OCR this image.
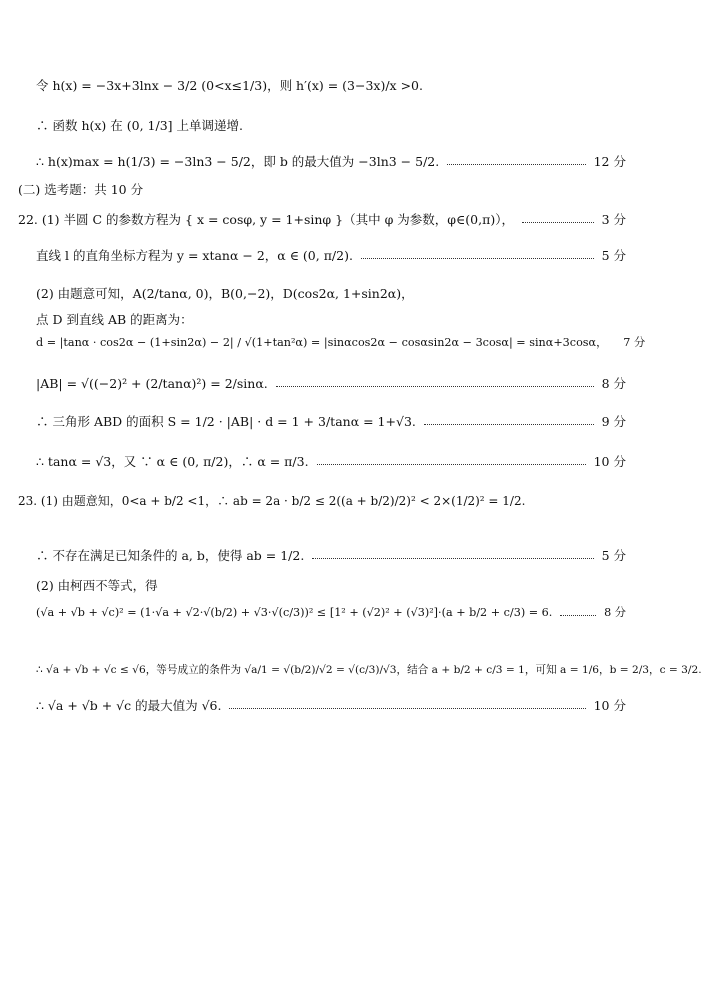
令 h(x) = −3x+3lnx − 3/2 (0<x≤1/3)，则 h′(x) = (3−3x)/x >0.
∴ 函数 h(x) 在 (0, 1/3] 上单调递增.
∴ h(x)max = h(1/3) = −3ln3 − 5/2，即 b 的最大值为 −3ln3 − 5/2.	12 分
(二) 选考题：共 10 分
22. (1) 半圆 C 的参数方程为 { x = cosφ, y = 1+sinφ }（其中 φ 为参数，φ∈(0,π)），	3 分
直线 l 的直角坐标方程为 y = xtanα − 2，α ∈ (0, π/2).	5 分
(2) 由题意可知，A(2/tanα, 0)，B(0,−2)，D(cos2α, 1+sin2α)，
点 D 到直线 AB 的距离为：
d = |tanα · cos2α − (1+sin2α) − 2| / √(1+tan²α) = |sinαcos2α − cosαsin2α − 3cosα| = sinα+3cosα， 7 分
|AB| = √((−2)² + (2/tanα)²) = 2/sinα.	8 分
∴ 三角形 ABD 的面积 S = 1/2 · |AB| · d = 1 + 3/tanα = 1+√3.	9 分
∴ tanα = √3，又 ∵ α ∈ (0, π/2)，∴ α = π/3.	10 分
23. (1) 由题意知，0<a + b/2 <1，∴ ab = 2a · b/2 ≤ 2((a + b/2)/2)² < 2×(1/2)² = 1/2.
∴ 不存在满足已知条件的 a, b，使得 ab = 1/2.	5 分
(2) 由柯西不等式，得
(√a + √b + √c)² = (1·√a + √2·√(b/2) + √3·√(c/3))² ≤ [1² + (√2)² + (√3)²]·(a + b/2 + c/3) = 6.	8 分
∴ √a + √b + √c ≤ √6，等号成立的条件为 √a/1 = √(b/2)/√2 = √(c/3)/√3，结合 a + b/2 + c/3 = 1，可知 a = 1/6，b = 2/3，c = 3/2.
∴ √a + √b + √c 的最大值为 √6.	10 分
